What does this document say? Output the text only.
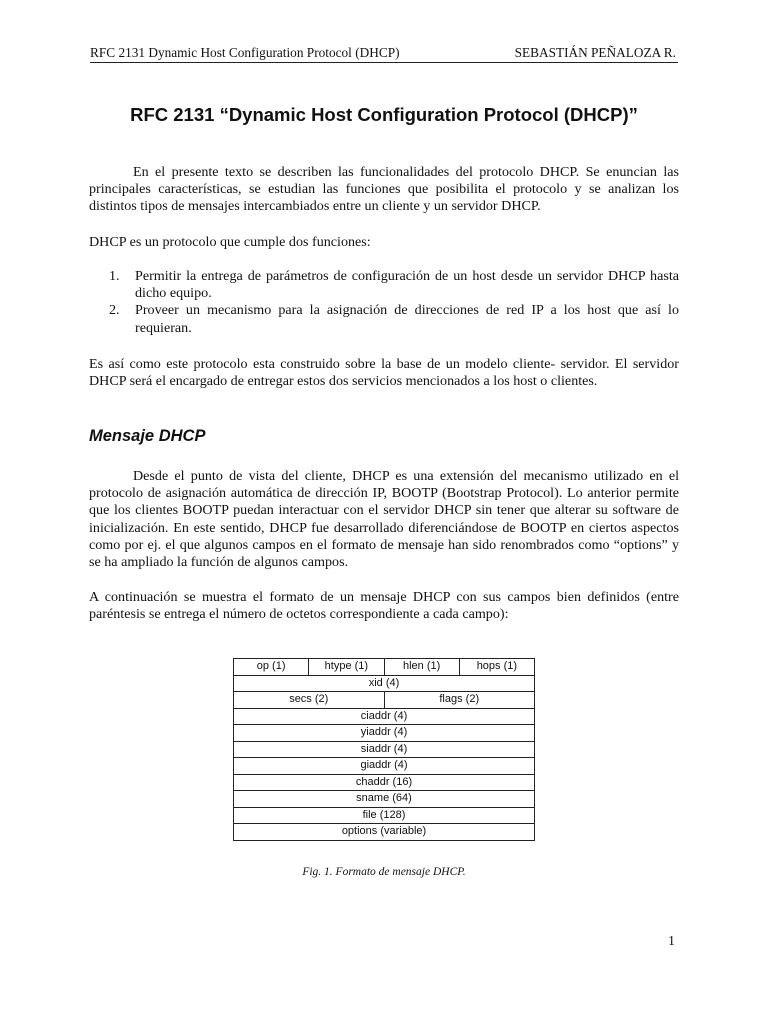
RFC 2131 Dynamic Host Configuration Protocol (DHCP)	SEBASTIÁN PEÑALOZA R.
RFC 2131 “Dynamic Host Configuration Protocol (DHCP)”

En el presente texto se describen las funcionalidades del protocolo DHCP. Se enuncian las principales características, se estudian las funciones que posibilita el protocolo y se analizan los distintos tipos de mensajes intercambiados entre un cliente y un servidor DHCP.

DHCP es un protocolo que cumple dos funciones:

1. Permitir la entrega de parámetros de configuración de un host desde un servidor DHCP hasta dicho equipo.
2. Proveer un mecanismo para la asignación de direcciones de red IP a los host que así lo requieran.

Es así como este protocolo esta construido sobre la base de un modelo cliente- servidor. El servidor DHCP será el encargado de entregar estos dos servicios mencionados a los host o clientes.

Mensaje DHCP

Desde el punto de vista del cliente, DHCP es una extensión del mecanismo utilizado en el protocolo de asignación automática de dirección IP, BOOTP (Bootstrap Protocol). Lo anterior permite que los clientes BOOTP puedan interactuar con el servidor DHCP sin tener que alterar su software de inicialización. En este sentido, DHCP fue desarrollado diferenciándose de BOOTP en ciertos aspectos como por ej. el que algunos campos en el formato de mensaje han sido renombrados como “options” y se ha ampliado la función de algunos campos.

A continuación se muestra el formato de un mensaje DHCP con sus campos bien definidos (entre paréntesis se entrega el número de octetos correspondiente a cada campo):

op (1)	htype (1)	hlen (1)	hops (1)
xid (4)			
secs (2)		flags (2)	
ciaddr (4)			
yiaddr (4)			
siaddr (4)			
giaddr (4)			
chaddr (16)			
sname (64)			
file (128)			
options (variable)			
Fig. 1. Formato de mensaje DHCP.
1
